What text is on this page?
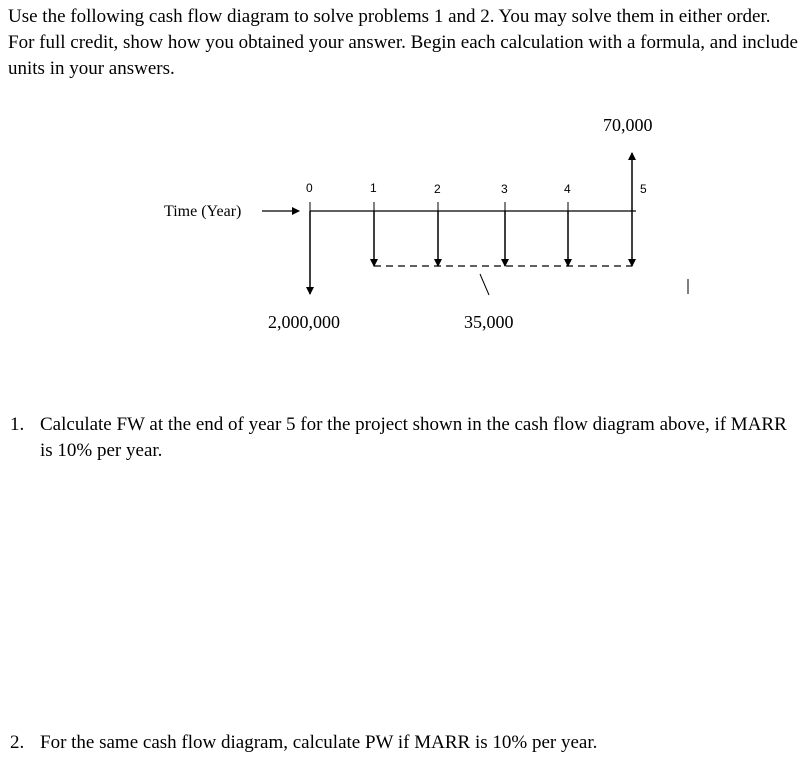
Use the following cash flow diagram to solve problems 1 and 2. You may solve them in either order. For full credit, show how you obtained your answer. Begin each calculation with a formula, and include units in your answers.

Time (Year)
0	1	2	3	4	5
2,000,000	35,000
70,000
1. Calculate FW at the end of year 5 for the project shown in the cash flow diagram above, if MARR is 10% per year.
2. For the same cash flow diagram, calculate PW if MARR is 10% per year.
